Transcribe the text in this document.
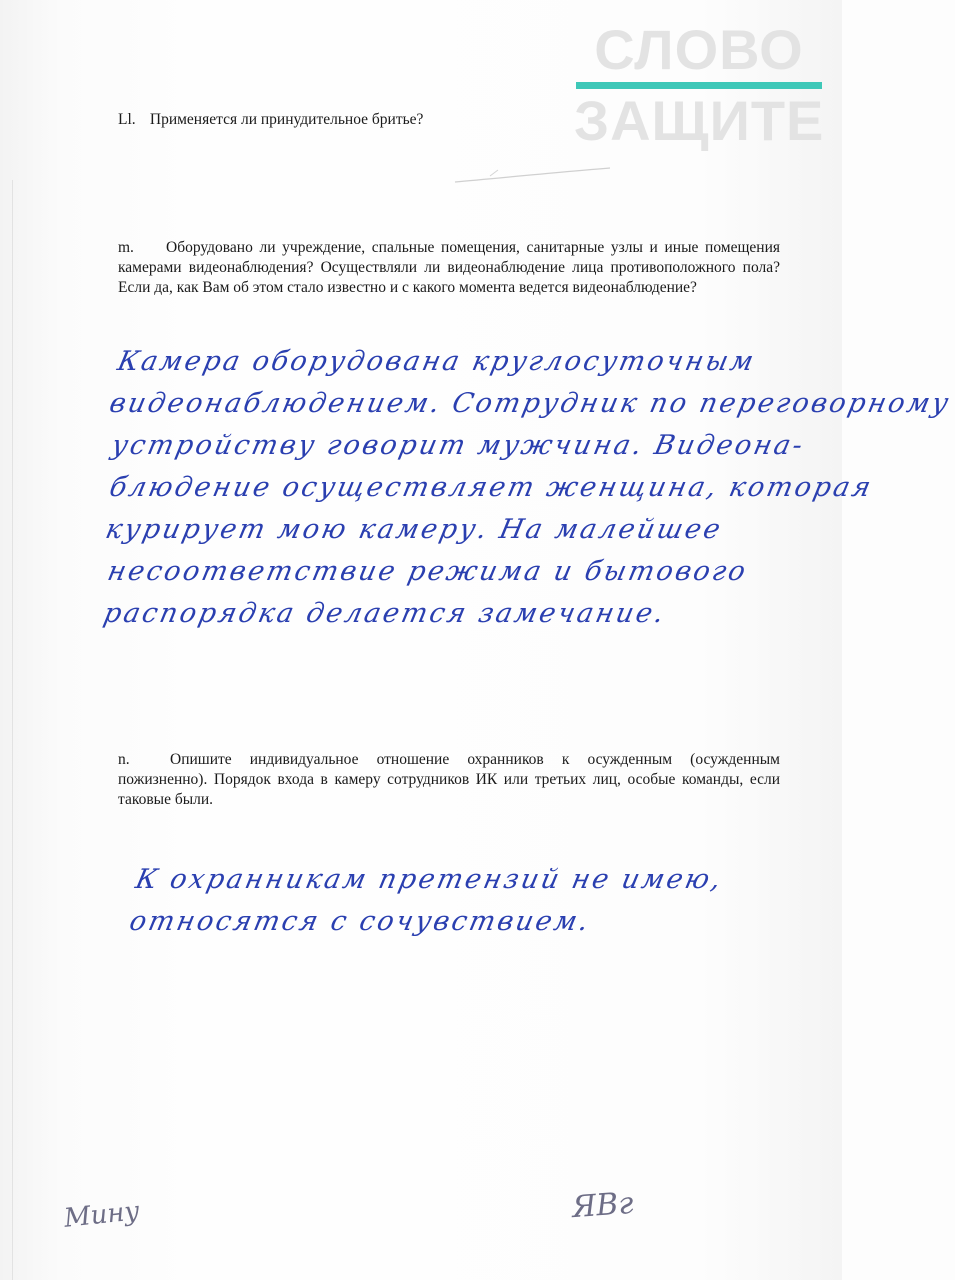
СЛОВО
ЗАЩИТЕ
Ll. Применяется ли принудительное бритье?
m. Оборудовано ли учреждение, спальные помещения, санитарные узлы и иные помещения камерами видеонаблюдения? Осуществляли ли видеонаблюдение лица противоположного пола? Если да, как Вам об этом стало известно и с какого момента ведется видеонаблюдение?
Камера оборудована круглосуточным
видеонаблюдением. Сотрудник по переговорному
устройству говорит мужчина. Видеона-
блюдение осуществляет женщина, которая
курирует мою камеру. На малейшее
несоответствие режима и бытового
распорядка делается замечание.
n.	Опишите индивидуальное отношение охранников к осужденным (осужденным пожизненно). Порядок входа в камеру сотрудников ИК или третьих лиц, особые команды, если таковые были.
К охранникам претензий не имею,
относятся с сочувствием.
Мину	ЯВг
